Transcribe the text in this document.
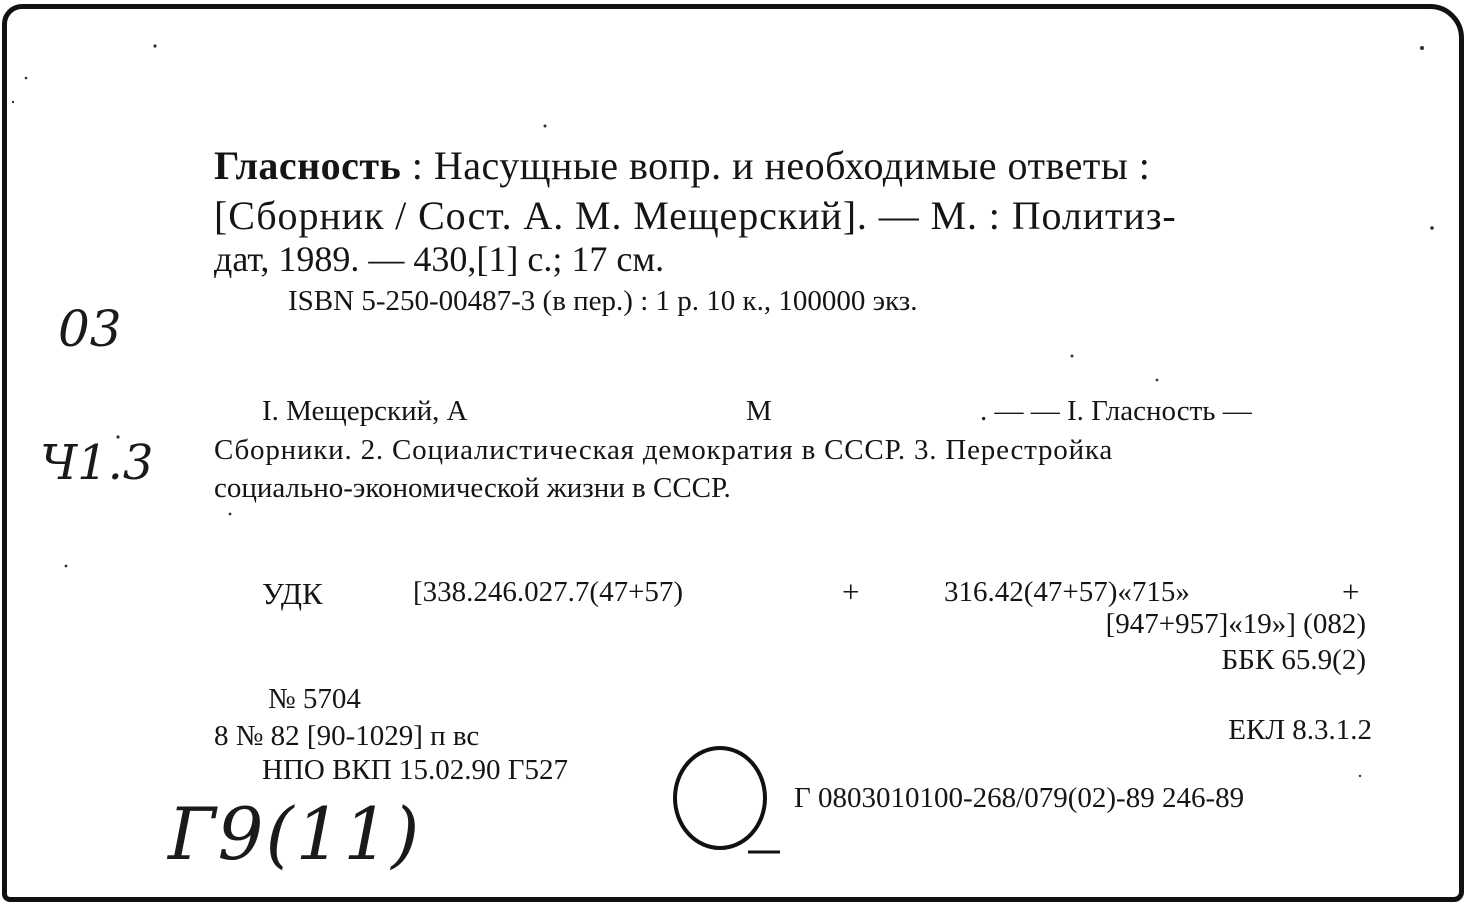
Гласность : Насущные вопр. и необходимые ответы :
[Сборник / Сост. А. М. Мещерский]. — М. : Политиз-
дат, 1989. — 430,[1] с.; 17 см.
ISBN 5-250-00487-3 (в пер.) : 1 р. 10 к., 100000 экз.
03
Ч1.3
Г9(11)
I. Мещерский, А	М	. — — I. Гласность —
Сборники. 2. Социалистическая демократия в СССР. 3. Перестройка
социально-экономической жизни в СССР.
УДК	[338.246.027.7(47+57)	+	316.42(47+57)«715»	+
[947+957]«19»] (082)
ББК 65.9(2)
№ 5704
8 № 82 [90-1029] п вс	ЕКЛ 8.3.1.2
НПО ВКП 15.02.90 Г527
Г 0803010100-268/079(02)-89 246-89
